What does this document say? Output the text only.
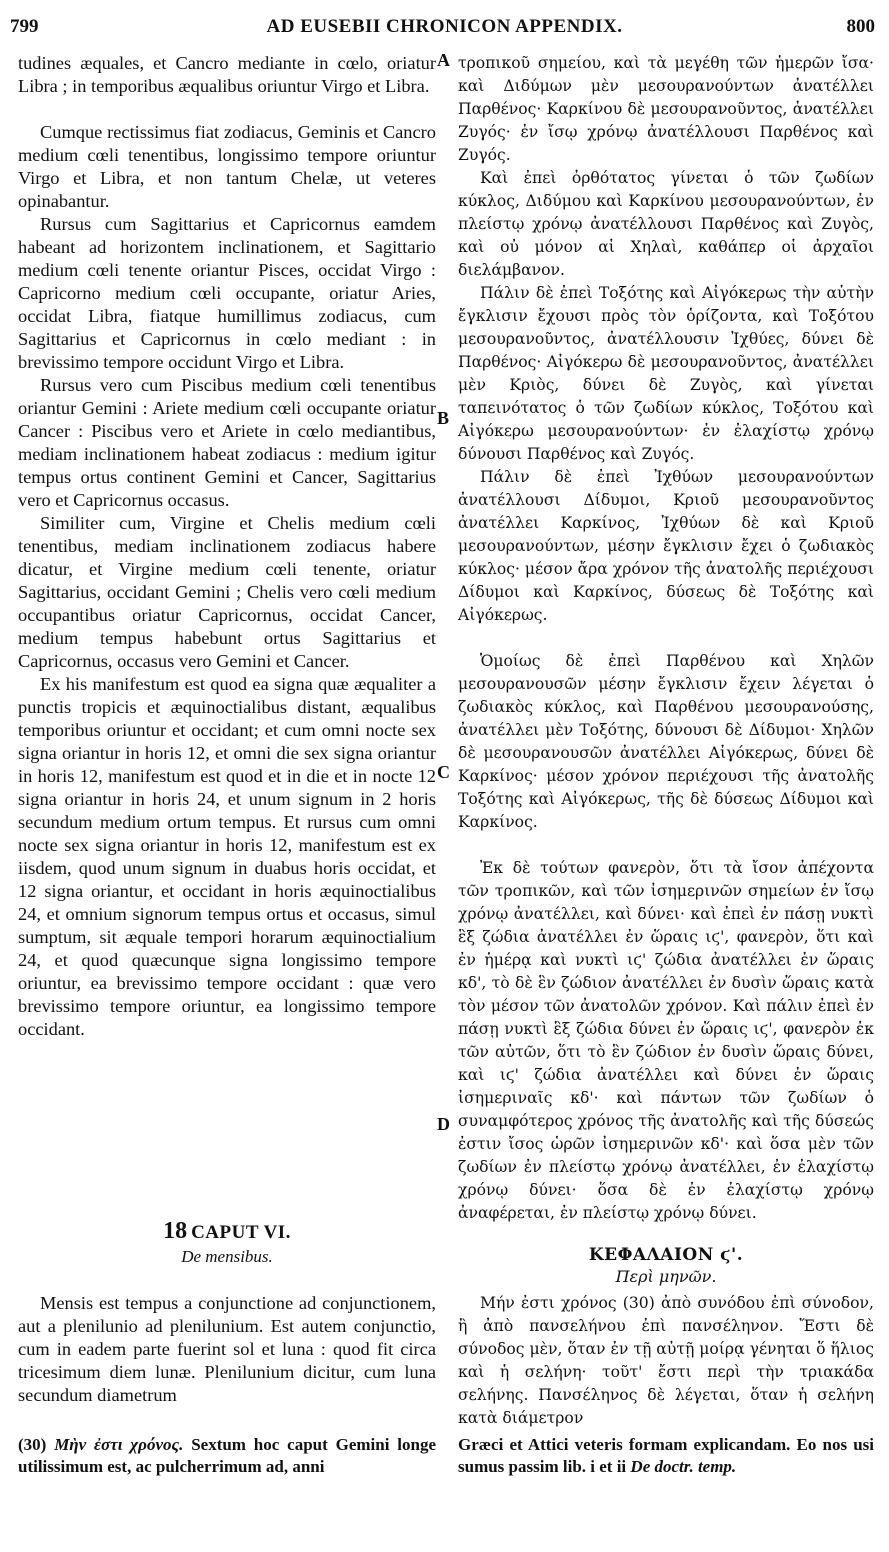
799	AD EUSEBII CHRONICON APPENDIX.	800

tudines æquales, et Cancro mediante in cœlo, oriatur Libra ; in temporibus æqualibus oriuntur Virgo et Libra.

Cumque rectissimus fiat zodiacus, Geminis et Cancro medium cœli tenentibus, longissimo tempore oriuntur Virgo et Libra, et non tantum Chelæ, ut veteres opinabantur.

Rursus cum Sagittarius et Capricornus eamdem habeant ad horizontem inclinationem, et Sagittario medium cœli tenente oriantur Pisces, occidat Virgo : Capricorno medium cœli occupante, oriatur Aries, occidat Libra, fiatque humillimus zodiacus, cum Sagittarius et Capricornus in cœlo mediant : in brevissimo tempore occidunt Virgo et Libra.

Rursus vero cum Piscibus medium cœli tenentibus oriantur Gemini : Ariete medium cœli occupante oriatur Cancer : Piscibus vero et Ariete in cœlo mediantibus, mediam inclinationem habeat zodiacus : medium igitur tempus ortus continent Gemini et Cancer, Sagittarius vero et Capricornus occasus.

Similiter cum, Virgine et Chelis medium cœli tenentibus, mediam inclinationem zodiacus habere dicatur, et Virgine medium cœli tenente, oriatur Sagittarius, occidant Gemini ; Chelis vero cœli medium occupantibus oriatur Capricornus, occidat Cancer, medium tempus habebunt ortus Sagittarius et Capricornus, occasus vero Gemini et Cancer.

Ex his manifestum est quod ea signa quæ æqualiter a punctis tropicis et æquinoctialibus distant, æqualibus temporibus oriuntur et occidant; et cum omni nocte sex signa oriantur in horis 12, et omni die sex signa oriantur in horis 12, manifestum est quod et in die et in nocte 12 signa oriantur in horis 24, et unum signum in 2 horis secundum medium ortum tempus. Et rursus cum omni nocte sex signa oriantur in horis 12, manifestum est ex iisdem, quod unum signum in duabus horis occidat, et 12 signa oriantur, et occidant in horis æquinoctialibus 24, et omnium signorum tempus ortus et occasus, simul sumptum, sit æquale tempori horarum æquinoctialium 24, et quod quæcunque signa longissimo tempore oriuntur, ea brevissimo tempore occidant : quæ vero brevissimo tempore oriuntur, ea longissimo tempore occidant.

τροπικοῦ σημείου, καὶ τὰ μεγέθη τῶν ἡμερῶν ἴσα· καὶ Διδύμων μὲν μεσουρανούντων ἀνατέλλει Παρθένος· Καρκίνου δὲ μεσουρανοῦντος, ἀνατέλλει Ζυγός· ἐν ἴσῳ χρόνῳ ἀνατέλλουσι Παρθένος καὶ Ζυγός.

Καὶ ἐπεὶ ὀρθότατος γίνεται ὁ τῶν ζωδίων κύκλος, Διδύμου καὶ Καρκίνου μεσουρανούντων, ἐν πλείστῳ χρόνῳ ἀνατέλλουσι Παρθένος καὶ Ζυγὸς, καὶ οὐ μόνον αἱ Χηλαὶ, καθάπερ οἱ ἀρχαῖοι διελάμβανον.

Πάλιν δὲ ἐπεὶ Τοξότης καὶ Αἰγόκερως τὴν αὐτὴν ἔγκλισιν ἔχουσι πρὸς τὸν ὁρίζοντα, καὶ Τοξότου μεσουρανοῦντος, ἀνατέλλουσιν Ἰχθύες, δύνει δὲ Παρθένος· Αἰγόκερω δὲ μεσουρανοῦντος, ἀνατέλλει μὲν Κριὸς, δύνει δὲ Ζυγὸς, καὶ γίνεται ταπεινότατος ὁ τῶν ζωδίων κύκλος, Τοξότου καὶ Αἰγόκερω μεσουρανούντων· ἐν ἐλαχίστῳ χρόνῳ δύνουσι Παρθένος καὶ Ζυγός.

Πάλιν δὲ ἐπεὶ Ἰχθύων μεσουρανούντων ἀνατέλλουσι Δίδυμοι, Κριοῦ μεσουρανοῦντος ἀνατέλλει Καρκίνος, Ἰχθύων δὲ καὶ Κριοῦ μεσουρανούντων, μέσην ἔγκλισιν ἔχει ὁ ζωδιακὸς κύκλος· μέσον ἄρα χρόνον τῆς ἀνατολῆς περιέχουσι Δίδυμοι καὶ Καρκίνος, δύσεως δὲ Τοξότης καὶ Αἰγόκερως.

Ὁμοίως δὲ ἐπεὶ Παρθένου καὶ Χηλῶν μεσουρανουσῶν μέσην ἔγκλισιν ἔχειν λέγεται ὁ ζωδιακὸς κύκλος, καὶ Παρθένου μεσουρανούσης, ἀνατέλλει μὲν Τοξότης, δύνουσι δὲ Δίδυμοι· Χηλῶν δὲ μεσουρανουσῶν ἀνατέλλει Αἰγόκερως, δύνει δὲ Καρκίνος· μέσον χρόνον περιέχουσι τῆς ἀνατολῆς Τοξότης καὶ Αἰγόκερως, τῆς δὲ δύσεως Δίδυμοι καὶ Καρκίνος.

Ἐκ δὲ τούτων φανερὸν, ὅτι τὰ ἴσον ἀπέχοντα τῶν τροπικῶν, καὶ τῶν ἰσημερινῶν σημείων ἐν ἴσῳ χρόνῳ ἀνατέλλει, καὶ δύνει· καὶ ἐπεὶ ἐν πάσῃ νυκτὶ ἓξ ζώδια ἀνατέλλει ἐν ὥραις ιϛ', φανερὸν, ὅτι καὶ ἐν ἡμέρᾳ καὶ νυκτὶ ιϛ' ζώδια ἀνατέλλει ἐν ὥραις κδ', τὸ δὲ ἓν ζώδιον ἀνατέλλει ἐν δυσὶν ὥραις κατὰ τὸν μέσον τῶν ἀνατολῶν χρόνον. Καὶ πάλιν ἐπεὶ ἐν πάσῃ νυκτὶ ἓξ ζώδια δύνει ἐν ὥραις ιϛ', φανερὸν ἐκ τῶν αὐτῶν, ὅτι τὸ ἓν ζώδιον ἐν δυσὶν ὥραις δύνει, καὶ ιϛ' ζώδια ἀνατέλλει καὶ δύνει ἐν ὥραις ἰσημεριναῖς κδ'· καὶ πάντων τῶν ζωδίων ὁ συναμφότερος χρόνος τῆς ἀνατολῆς καὶ τῆς δύσεώς ἐστιν ἴσος ὡρῶν ἰσημερινῶν κδ'· καὶ ὅσα μὲν τῶν ζωδίων ἐν πλείστῳ χρόνῳ ἀνατέλλει, ἐν ἐλαχίστῳ χρόνῳ δύνει· ὅσα δὲ ἐν ἐλαχίστῳ χρόνῳ ἀναφέρεται, ἐν πλείστῳ χρόνῳ δύνει.

A
B
C
D
18 CAPUT VI.
De mensibus.	ΚΕΦΑΛΑΙΟΝ ϛ'.
Περὶ μηνῶν.

Mensis est tempus a conjunctione ad conjunctionem, aut a plenilunio ad plenilunium. Est autem conjunctio, cum in eadem parte fuerint sol et luna : quod fit circa tricesimum diem lunæ. Plenilunium dicitur, cum luna secundum diametrum

Μήν ἐστι χρόνος (30) ἀπὸ συνόδου ἐπὶ σύνοδον, ἢ ἀπὸ πανσελήνου ἐπὶ πανσέληνον. Ἔστι δὲ σύνοδος μὲν, ὅταν ἐν τῇ αὐτῇ μοίρᾳ γένηται ὅ ἥλιος καὶ ἡ σελήνη· τοῦτ' ἔστι περὶ τὴν τριακάδα σελήνης. Πανσέληνος δὲ λέγεται, ὅταν ἡ σελήνη κατὰ διάμετρον

(30) Μὴν ἐστι χρόνος. Sextum hoc caput Gemini longe utilissimum est, ac pulcherrimum ad, anni
Græci et Attici veteris formam explicandam. Eo nos usi sumus passim lib. i et ii De doctr. temp.
